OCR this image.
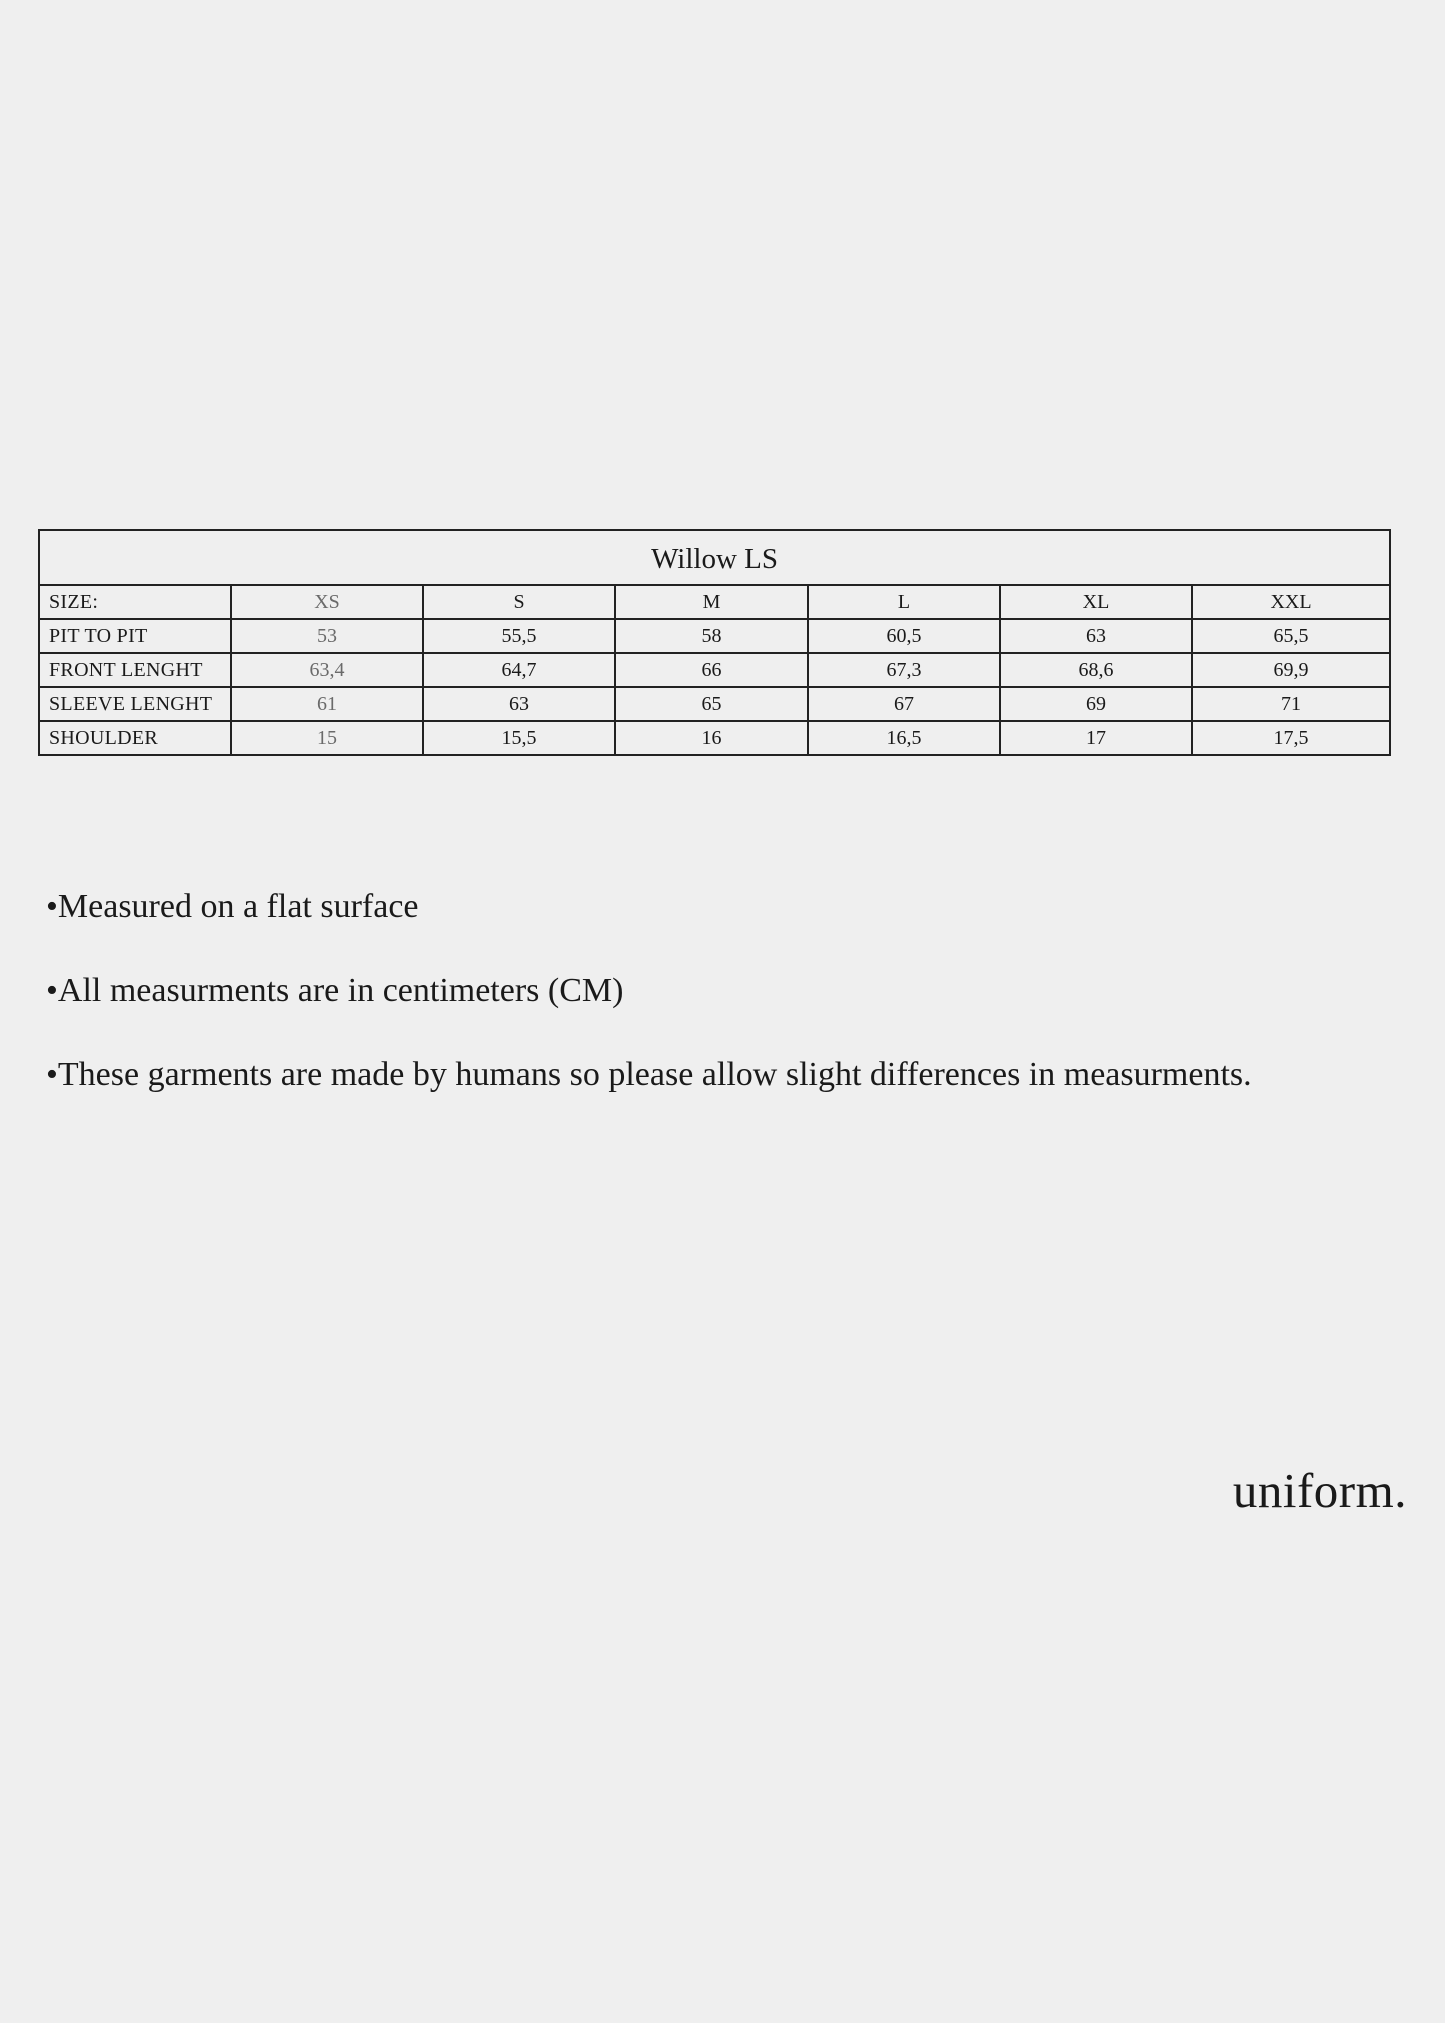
Willow LS						
SIZE:	XS	S	M	L	XL	XXL
PIT TO PIT	53	55,5	58	60,5	63	65,5
FRONT LENGHT	63,4	64,7	66	67,3	68,6	69,9
SLEEVE LENGHT	61	63	65	67	69	71
SHOULDER	15	15,5	16	16,5	17	17,5

•Measured on a flat surface

•All measurments are in centimeters (CM)

•These garments are made by humans so please allow slight differences in measurments.

uniform.
